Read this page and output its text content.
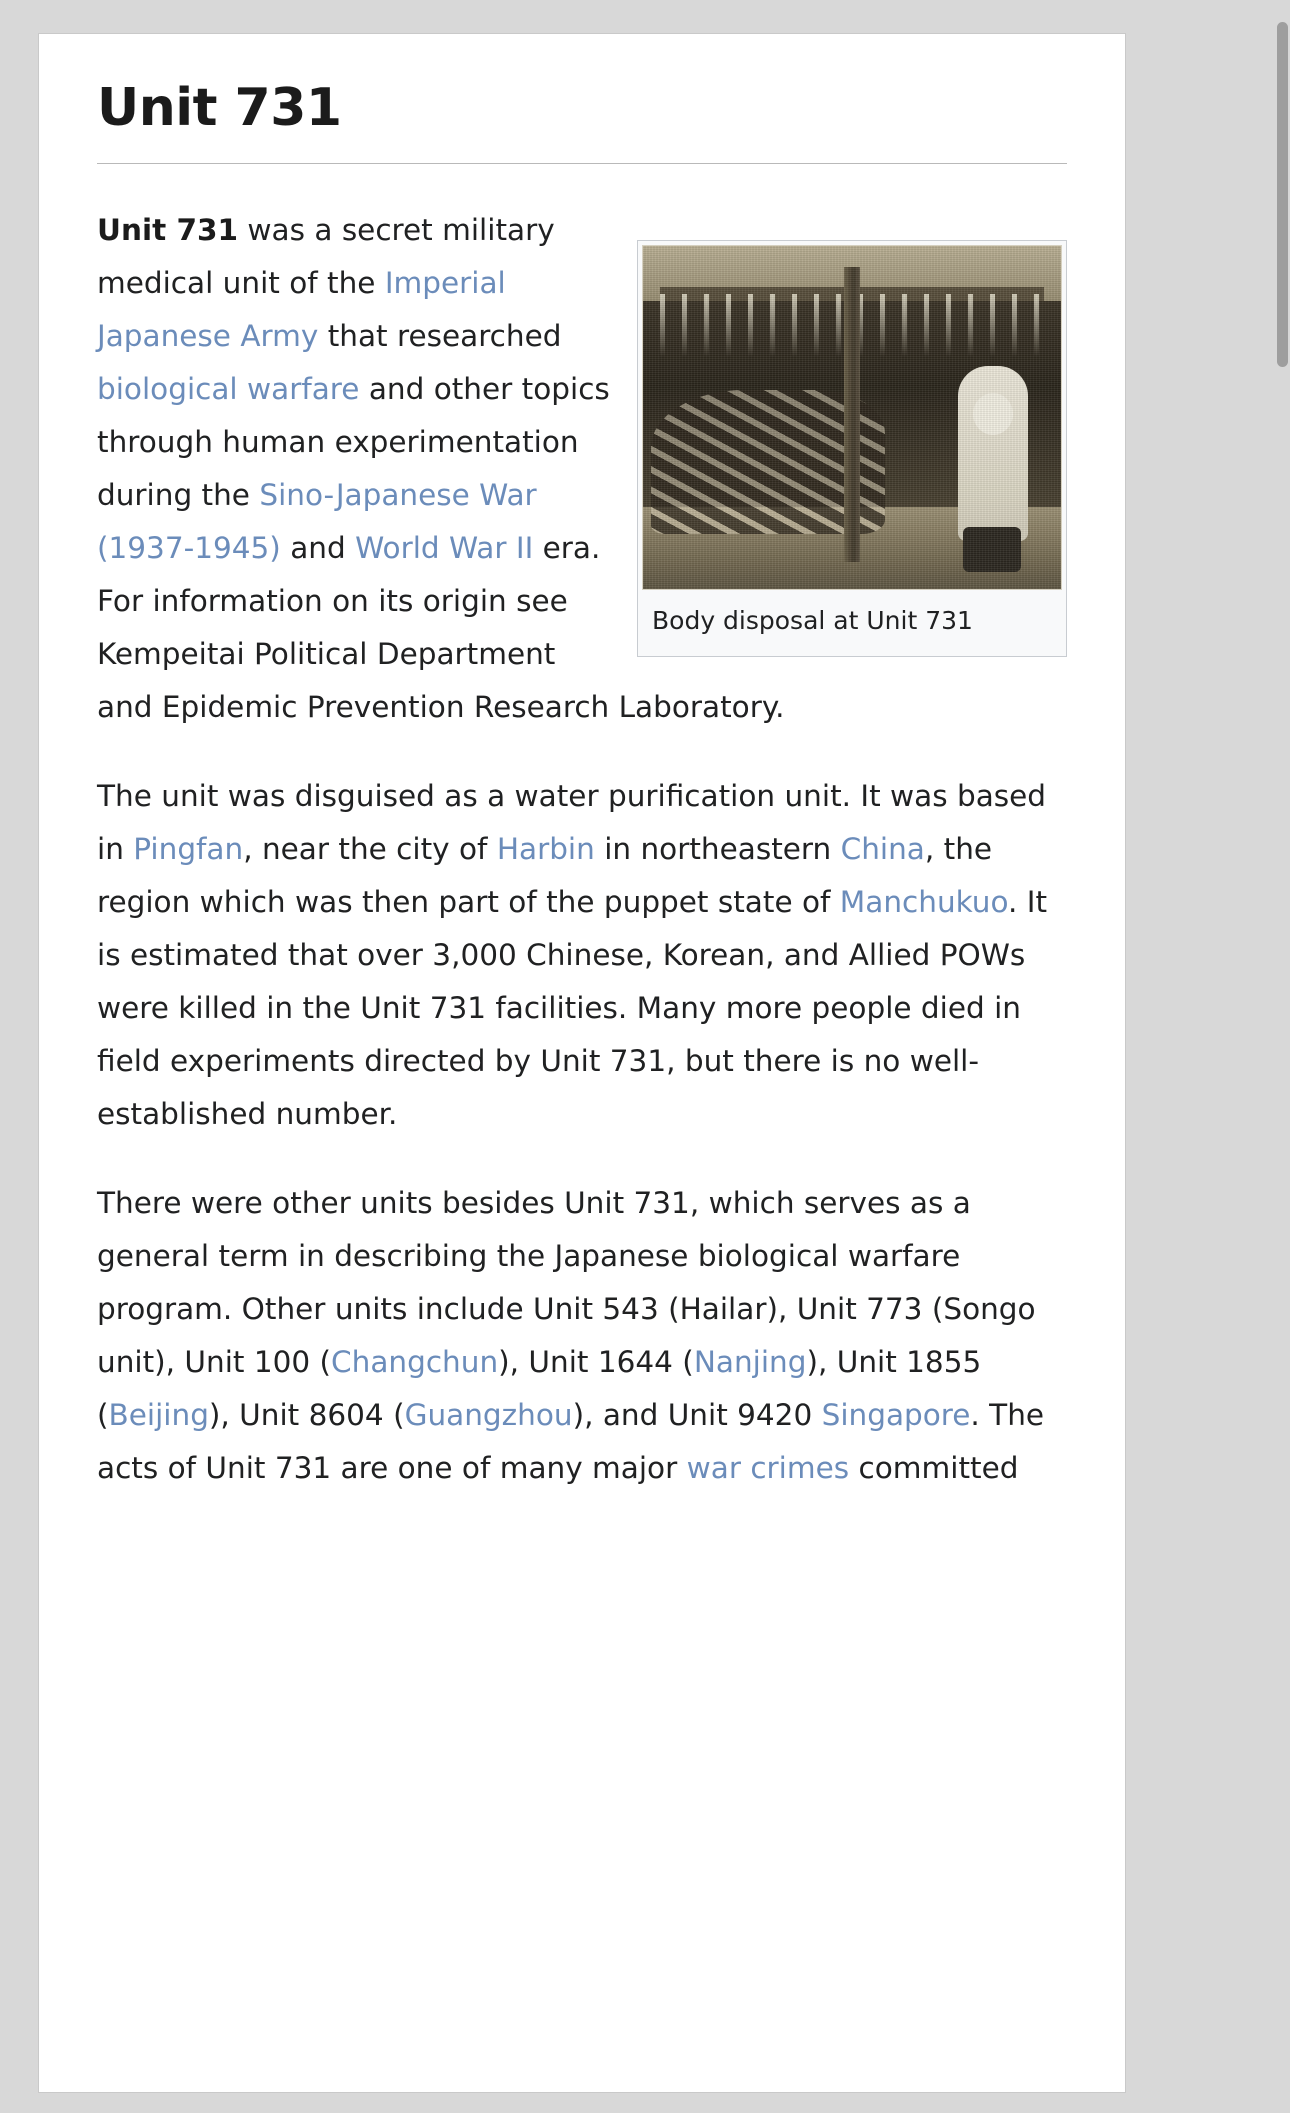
Unit 731
Body disposal at Unit 731

Unit 731 was a secret military medical unit of the Imperial Japanese Army that researched biological warfare and other topics through human experimentation during the Sino-Japanese War (1937-1945) and World War II era. For information on its origin see Kempeitai Political Department and Epidemic Prevention Research Laboratory.

The unit was disguised as a water purification unit. It was based in Pingfan, near the city of Harbin in northeastern China, the region which was then part of the puppet state of Manchukuo. It is estimated that over 3,000 Chinese, Korean, and Allied POWs were killed in the Unit 731 facilities. Many more people died in field experiments directed by Unit 731, but there is no well-established number.

There were other units besides Unit 731, which serves as a general term in describing the Japanese biological warfare program. Other units include Unit 543 (Hailar), Unit 773 (Songo unit), Unit 100 (Changchun), Unit 1644 (Nanjing), Unit 1855 (Beijing), Unit 8604 (Guangzhou), and Unit 9420 Singapore. The acts of Unit 731 are one of many major war crimes committed
